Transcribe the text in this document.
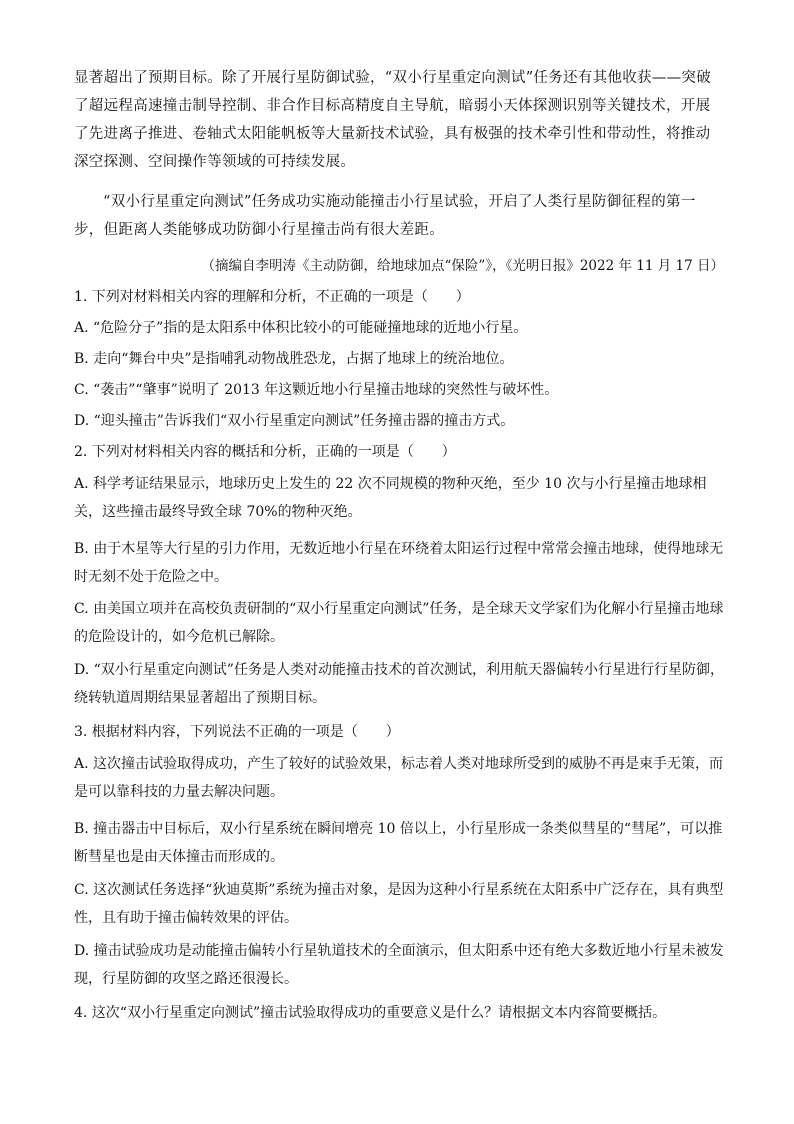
显著超出了预期目标。除了开展行星防御试验，“双小行星重定向测试”任务还有其他收获——突破了超远程高速撞击制导控制、非合作目标高精度自主导航，暗弱小天体探测识别等关键技术，开展了先进离子推进、卷轴式太阳能帆板等大量新技术试验，具有极强的技术牵引性和带动性，将推动深空探测、空间操作等领域的可持续发展。
“双小行星重定向测试”任务成功实施动能撞击小行星试验，开启了人类行星防御征程的第一步，但距离人类能够成功防御小行星撞击尚有很大差距。
（摘编自李明涛《主动防御，给地球加点“保险”》，《光明日报》2022 年 11 月 17 日）
1. 下列对材料相关内容的理解和分析，不正确的一项是（　　）
A. “危险分子”指的是太阳系中体积比较小的可能碰撞地球的近地小行星。
B. 走向“舞台中央”是指哺乳动物战胜恐龙，占据了地球上的统治地位。
C. “袭击”“肇事”说明了 2013 年这颗近地小行星撞击地球的突然性与破坏性。
D. “迎头撞击”告诉我们“双小行星重定向测试”任务撞击器的撞击方式。
2. 下列对材料相关内容的概括和分析，正确的一项是（　　）
A. 科学考证结果显示，地球历史上发生的 22 次不同规模的物种灭绝，至少 10 次与小行星撞击地球相关，这些撞击最终导致全球 70%的物种灭绝。
B. 由于木星等大行星的引力作用，无数近地小行星在环绕着太阳运行过程中常常会撞击地球，使得地球无时无刻不处于危险之中。
C. 由美国立项并在高校负责研制的“双小行星重定向测试”任务，是全球天文学家们为化解小行星撞击地球的危险设计的，如今危机已解除。
D. “双小行星重定向测试”任务是人类对动能撞击技术的首次测试，利用航天器偏转小行星进行行星防御，绕转轨道周期结果显著超出了预期目标。
3. 根据材料内容，下列说法不正确的一项是（　　）
A. 这次撞击试验取得成功，产生了较好的试验效果，标志着人类对地球所受到的威胁不再是束手无策，而是可以靠科技的力量去解决问题。
B. 撞击器击中目标后，双小行星系统在瞬间增亮 10 倍以上，小行星形成一条类似彗星的“彗尾”，可以推断彗星也是由天体撞击而形成的。
C. 这次测试任务选择“狄迪莫斯”系统为撞击对象，是因为这种小行星系统在太阳系中广泛存在，具有典型性，且有助于撞击偏转效果的评估。
D. 撞击试验成功是动能撞击偏转小行星轨道技术的全面演示，但太阳系中还有绝大多数近地小行星未被发现，行星防御的攻坚之路还很漫长。
4. 这次“双小行星重定向测试”撞击试验取得成功的重要意义是什么？请根据文本内容简要概括。
